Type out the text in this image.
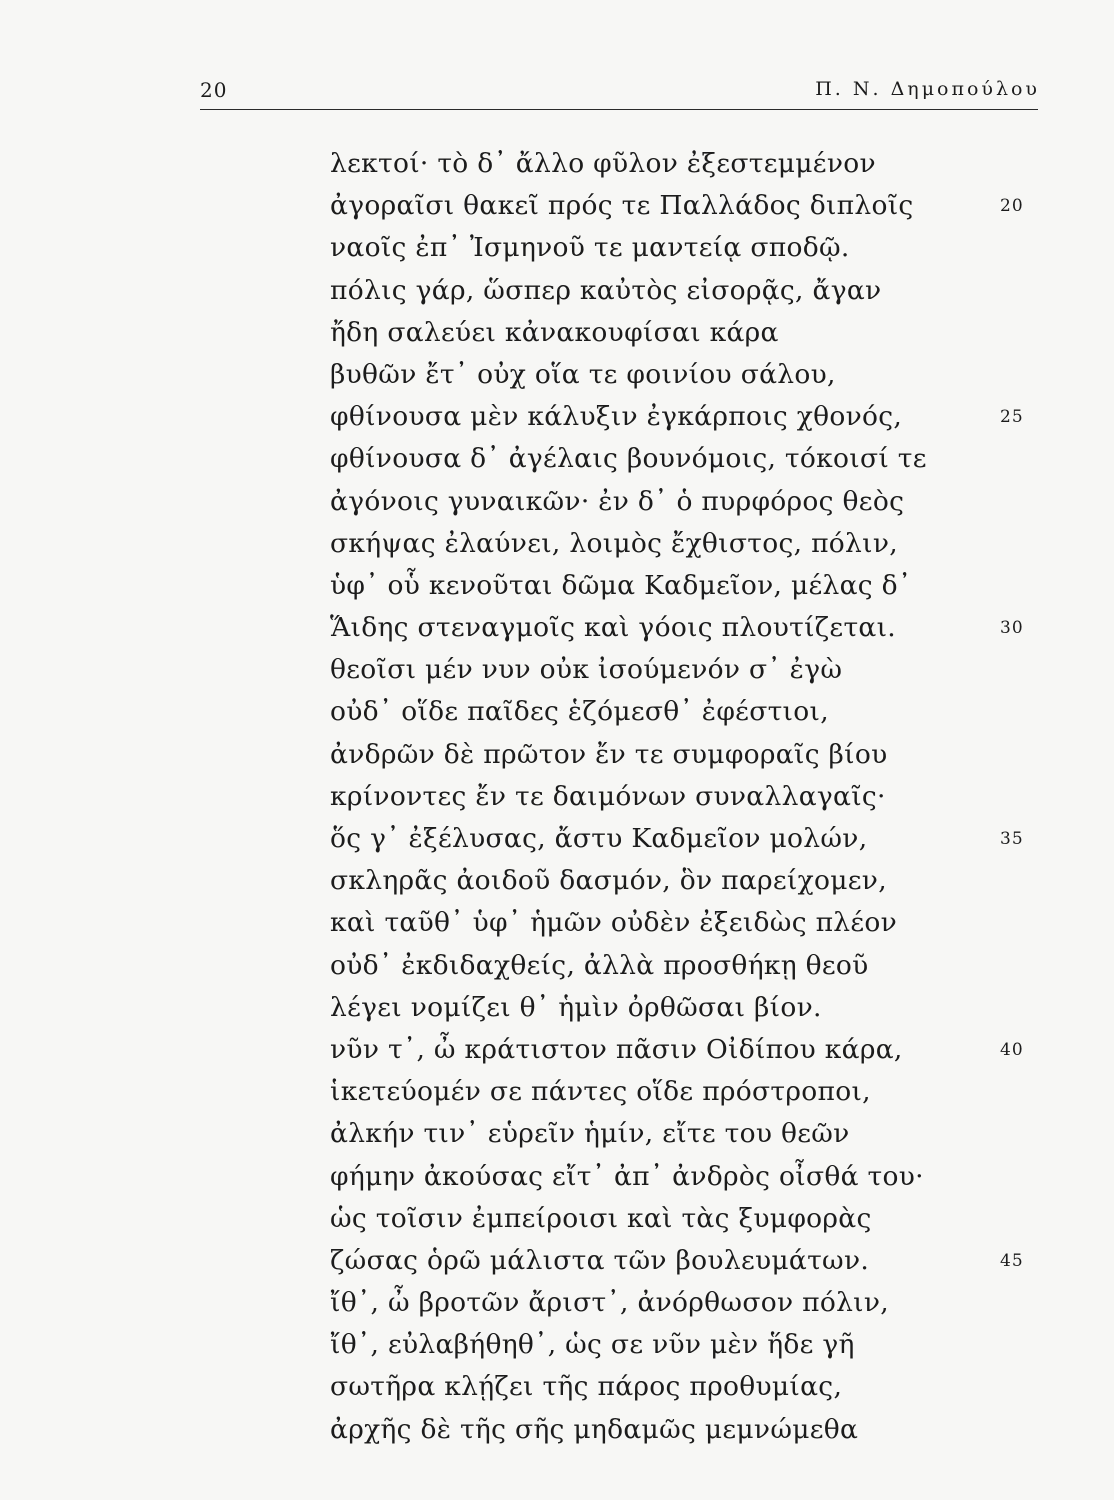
20	Π. Ν. Δημοπούλου
λεκτοί· τὸ δ᾽ ἄλλο φῦλον ἐξεστεμμένον
ἀγοραῖσι θακεῖ πρός τε Παλλάδος διπλοῖς
ναοῖς ἐπ᾽ Ἰσμηνοῦ τε μαντείᾳ σποδῷ.
πόλις γάρ, ὥσπερ καὐτὸς εἰσορᾷς, ἄγαν
ἤδη σαλεύει κἀνακουφίσαι κάρα
βυθῶν ἔτ᾽ οὐχ οἵα τε φοινίου σάλου,
φθίνουσα μὲν κάλυξιν ἐγκάρποις χθονός,
φθίνουσα δ᾽ ἀγέλαις βουνόμοις, τόκοισί τε
ἀγόνοις γυναικῶν· ἐν δ᾽ ὁ πυρφόρος θεὸς
σκήψας ἐλαύνει, λοιμὸς ἔχθιστος, πόλιν,
ὑφ᾽ οὗ κενοῦται δῶμα Καδμεῖον, μέλας δ᾽
Ἅιδης στεναγμοῖς καὶ γόοις πλουτίζεται.
θεοῖσι μέν νυν οὐκ ἰσούμενόν σ᾽ ἐγὼ
οὐδ᾽ οἵδε παῖδες ἑζόμεσθ᾽ ἐφέστιοι,
ἀνδρῶν δὲ πρῶτον ἔν τε συμφοραῖς βίου
κρίνοντες ἔν τε δαιμόνων συναλλαγαῖς·
ὅς γ᾽ ἐξέλυσας, ἄστυ Καδμεῖον μολών,
σκληρᾶς ἀοιδοῦ δασμόν, ὃν παρείχομεν,
καὶ ταῦθ᾽ ὑφ᾽ ἡμῶν οὐδὲν ἐξειδὼς πλέον
οὐδ᾽ ἐκδιδαχθείς, ἀλλὰ προσθήκῃ θεοῦ
λέγει νομίζει θ᾽ ἡμὶν ὀρθῶσαι βίον.
νῦν τ᾽, ὦ κράτιστον πᾶσιν Οἰδίπου κάρα,
ἱκετεύομέν σε πάντες οἵδε πρόστροποι,
ἀλκήν τιν᾽ εὑρεῖν ἡμίν, εἴτε του θεῶν
φήμην ἀκούσας εἴτ᾽ ἀπ᾽ ἀνδρὸς οἶσθά του·
ὡς τοῖσιν ἐμπείροισι καὶ τὰς ξυμφορὰς
ζώσας ὁρῶ μάλιστα τῶν βουλευμάτων.
ἴθ᾽, ὦ βροτῶν ἄριστ᾽, ἀνόρθωσον πόλιν,
ἴθ᾽, εὐλαβήθηθ᾽, ὡς σε νῦν μὲν ἥδε γῆ
σωτῆρα κλῄζει τῆς πάρος προθυμίας,
ἀρχῆς δὲ τῆς σῆς μηδαμῶς μεμνώμεθα
20
25
30
35
40
45
